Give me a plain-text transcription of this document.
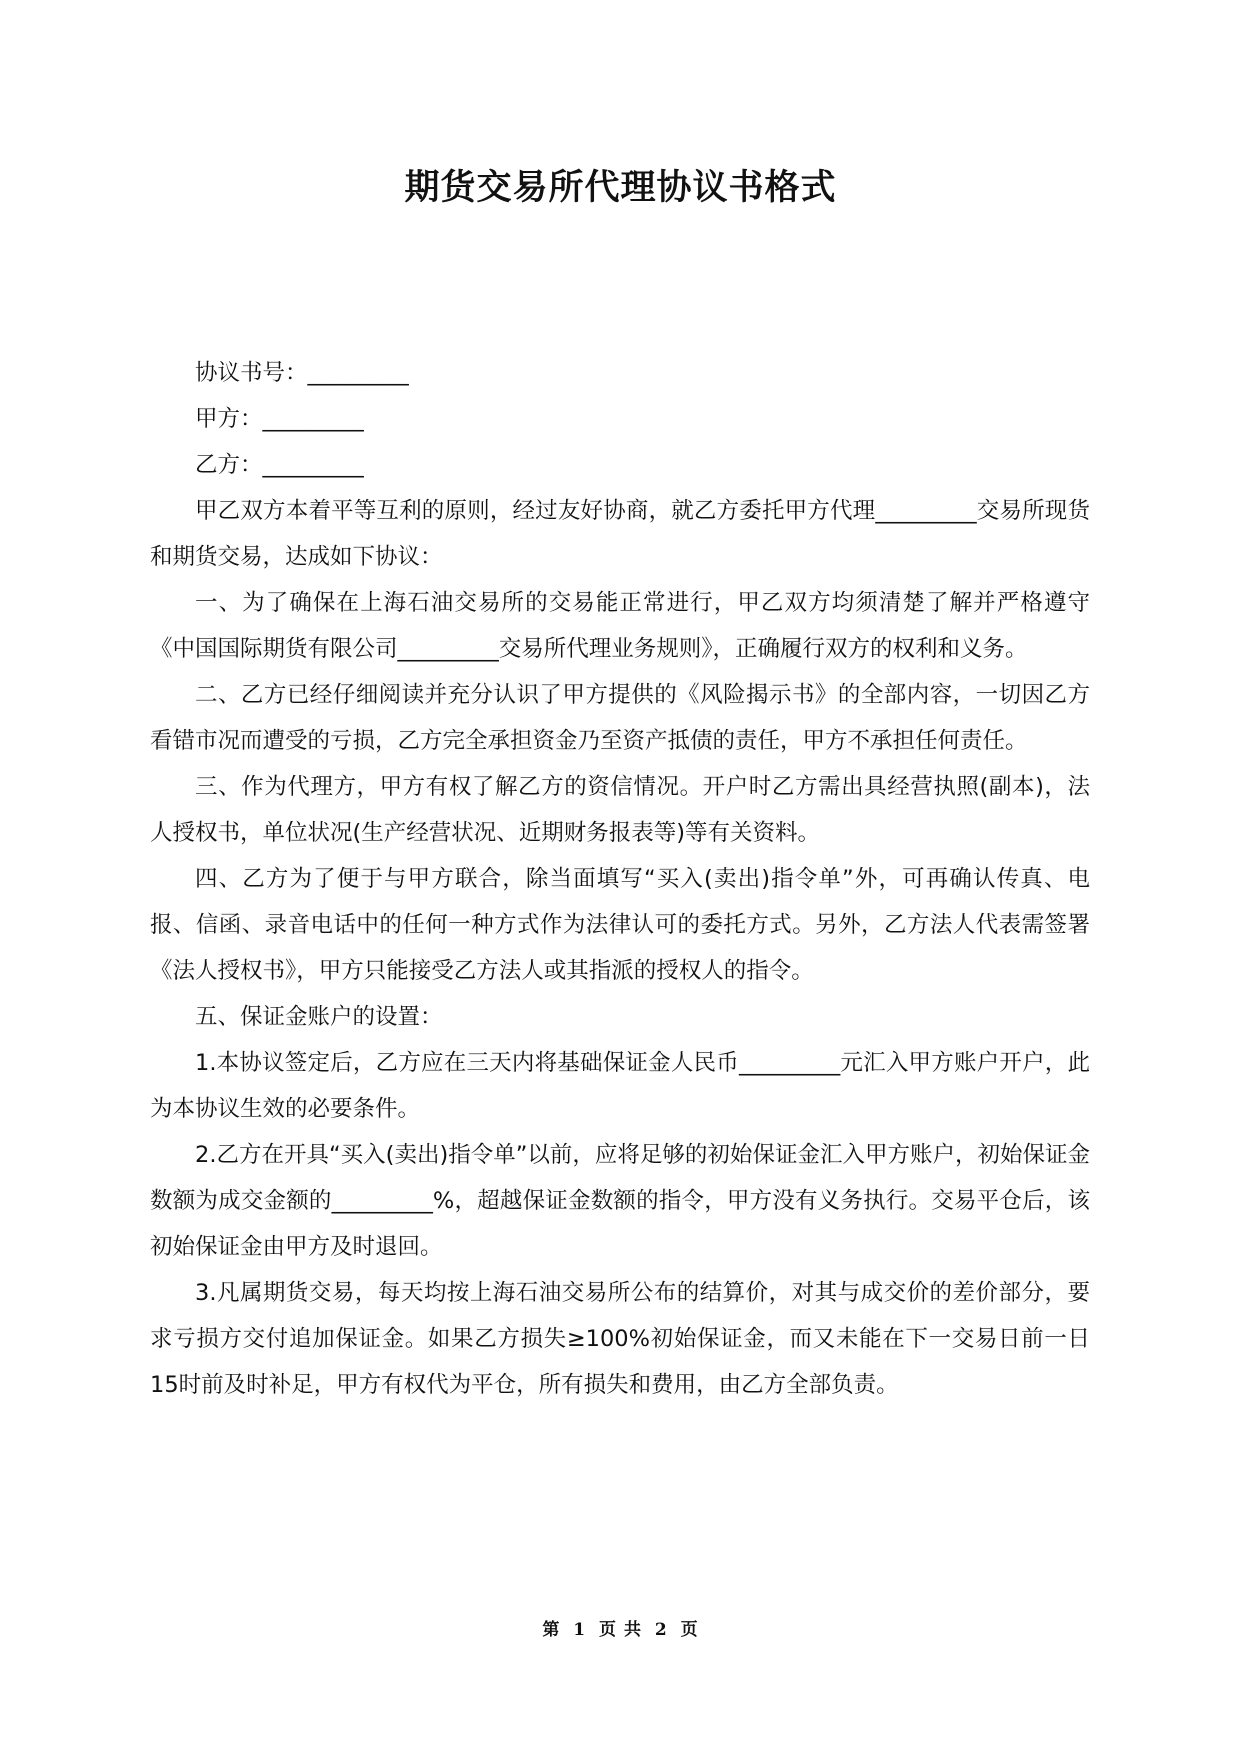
期货交易所代理协议书格式

协议书号：_________

甲方：_________

乙方：_________

甲乙双方本着平等互利的原则，经过友好协商，就乙方委托甲方代理_________交易所现货和期货交易，达成如下协议：

一、为了确保在上海石油交易所的交易能正常进行，甲乙双方均须清楚了解并严格遵守《中国国际期货有限公司_________交易所代理业务规则》，正确履行双方的权利和义务。

二、乙方已经仔细阅读并充分认识了甲方提供的《风险揭示书》的全部内容，一切因乙方看错市况而遭受的亏损，乙方完全承担资金乃至资产抵债的责任，甲方不承担任何责任。

三、作为代理方，甲方有权了解乙方的资信情况。开户时乙方需出具经营执照(副本)，法人授权书，单位状况(生产经营状况、近期财务报表等)等有关资料。

四、乙方为了便于与甲方联合，除当面填写“买入(卖出)指令单”外，可再确认传真、电报、信函、录音电话中的任何一种方式作为法律认可的委托方式。另外，乙方法人代表需签署《法人授权书》，甲方只能接受乙方法人或其指派的授权人的指令。

五、保证金账户的设置：

1.本协议签定后，乙方应在三天内将基础保证金人民币_________元汇入甲方账户开户，此为本协议生效的必要条件。

2.乙方在开具“买入(卖出)指令单”以前，应将足够的初始保证金汇入甲方账户，初始保证金数额为成交金额的_________%，超越保证金数额的指令，甲方没有义务执行。交易平仓后，该初始保证金由甲方及时退回。

3.凡属期货交易，每天均按上海石油交易所公布的结算价，对其与成交价的差价部分，要求亏损方交付追加保证金。如果乙方损失≥100%初始保证金，而又未能在下一交易日前一日15时前及时补足，甲方有权代为平仓，所有损失和费用，由乙方全部负责。

第 1 页 共 2 页
